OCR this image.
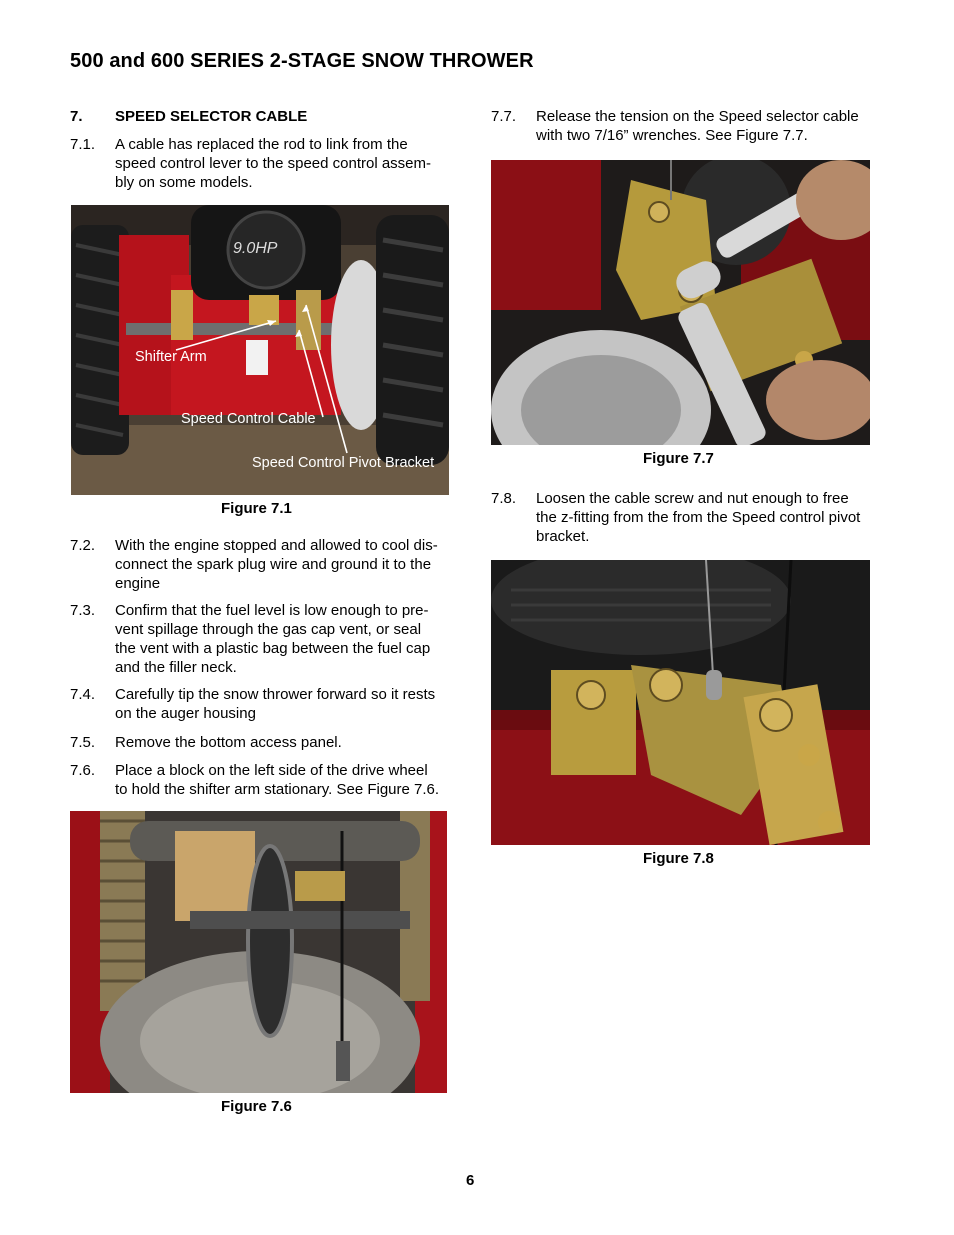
500 and 600 SERIES 2-STAGE SNOW THROWER
7. SPEED SELECTOR CABLE
7.1. A cable has replaced the rod to link from the
speed control lever to the speed control assem-
bly on some models.
9.0HP
Shifter Arm
Speed Control Cable
Speed Control Pivot Bracket
Figure 7.1
7.2. With the engine stopped and allowed to cool dis-
connect the spark plug wire and ground it to the
engine
7.3. Confirm that the fuel level is low enough to pre-
vent spillage through the gas cap vent, or seal
the vent with a plastic bag between the fuel cap
and the filler neck.
7.4. Carefully tip the snow thrower forward so it rests
on the auger housing
7.5. Remove the bottom access panel.
7.6. Place a block on the left side of the drive wheel
to hold the shifter arm stationary. See Figure 7.6.
Figure 7.6
7.7. Release the tension on the Speed selector cable
with two 7/16” wrenches. See Figure 7.7.
Figure 7.7
7.8. Loosen the cable screw and nut enough to free
the z-fitting from the from the Speed control pivot
bracket.
Figure 7.8
6
